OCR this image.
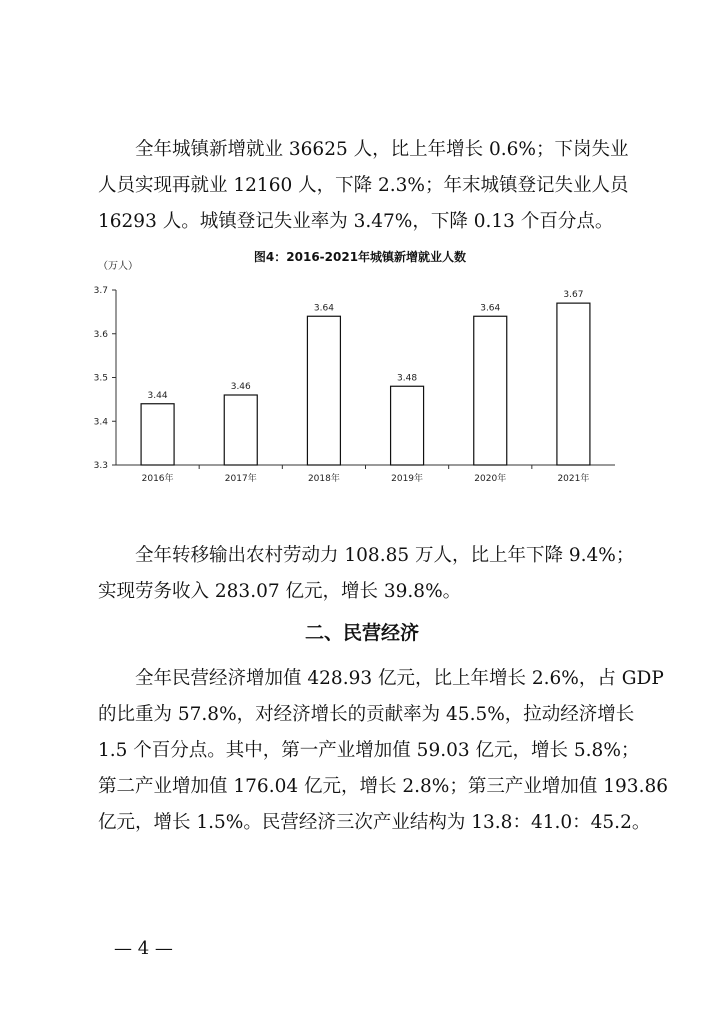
全年城镇新增就业 36625 人，比上年增长 0.6%；下岗失业
人员实现再就业 12160 人，下降 2.3%；年末城镇登记失业人员
16293 人。城镇登记失业率为 3.47%，下降 0.13 个百分点。
图4：2016-2021年城镇新增就业人数
（万人）
3.3
3.4
3.5
3.6
3.7
2016年	2017年	2018年	2019年	2020年	2021年
3.44
3.46
3.64
3.48
3.64
3.67
全年转移输出农村劳动力 108.85 万人，比上年下降 9.4%；
实现劳务收入 283.07 亿元，增长 39.8%。
二、民营经济
全年民营经济增加值 428.93 亿元，比上年增长 2.6%，占 GDP
的比重为 57.8%，对经济增长的贡献率为 45.5%，拉动经济增长
1.5 个百分点。其中，第一产业增加值 59.03 亿元，增长 5.8%；
第二产业增加值 176.04 亿元，增长 2.8%；第三产业增加值 193.86
亿元，增长 1.5%。民营经济三次产业结构为 13.8：41.0：45.2。
— 4 —
